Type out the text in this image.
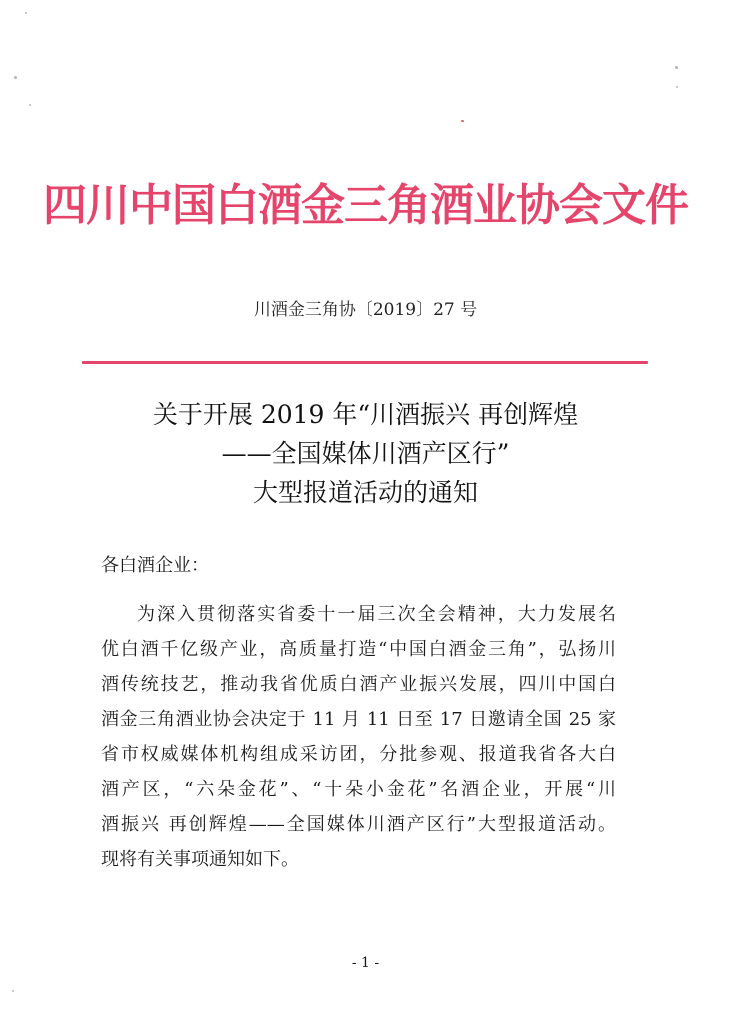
四川中国白酒金三角酒业协会文件
川酒金三角协〔2019〕27 号
关于开展 2019 年“川酒振兴 再创辉煌
——全国媒体川酒产区行”
大型报道活动的通知
各白酒企业：
为深入贯彻落实省委十一届三次全会精神，大力发展名
优白酒千亿级产业，高质量打造“中国白酒金三角”，弘扬川
酒传统技艺，推动我省优质白酒产业振兴发展，四川中国白
酒金三角酒业协会决定于 11 月 11 日至 17 日邀请全国 25 家
省市权威媒体机构组成采访团，分批参观、报道我省各大白
酒产区，“六朵金花”、“十朵小金花”名酒企业，开展“川
酒振兴 再创辉煌——全国媒体川酒产区行”大型报道活动。
现将有关事项通知如下。
- 1 -
